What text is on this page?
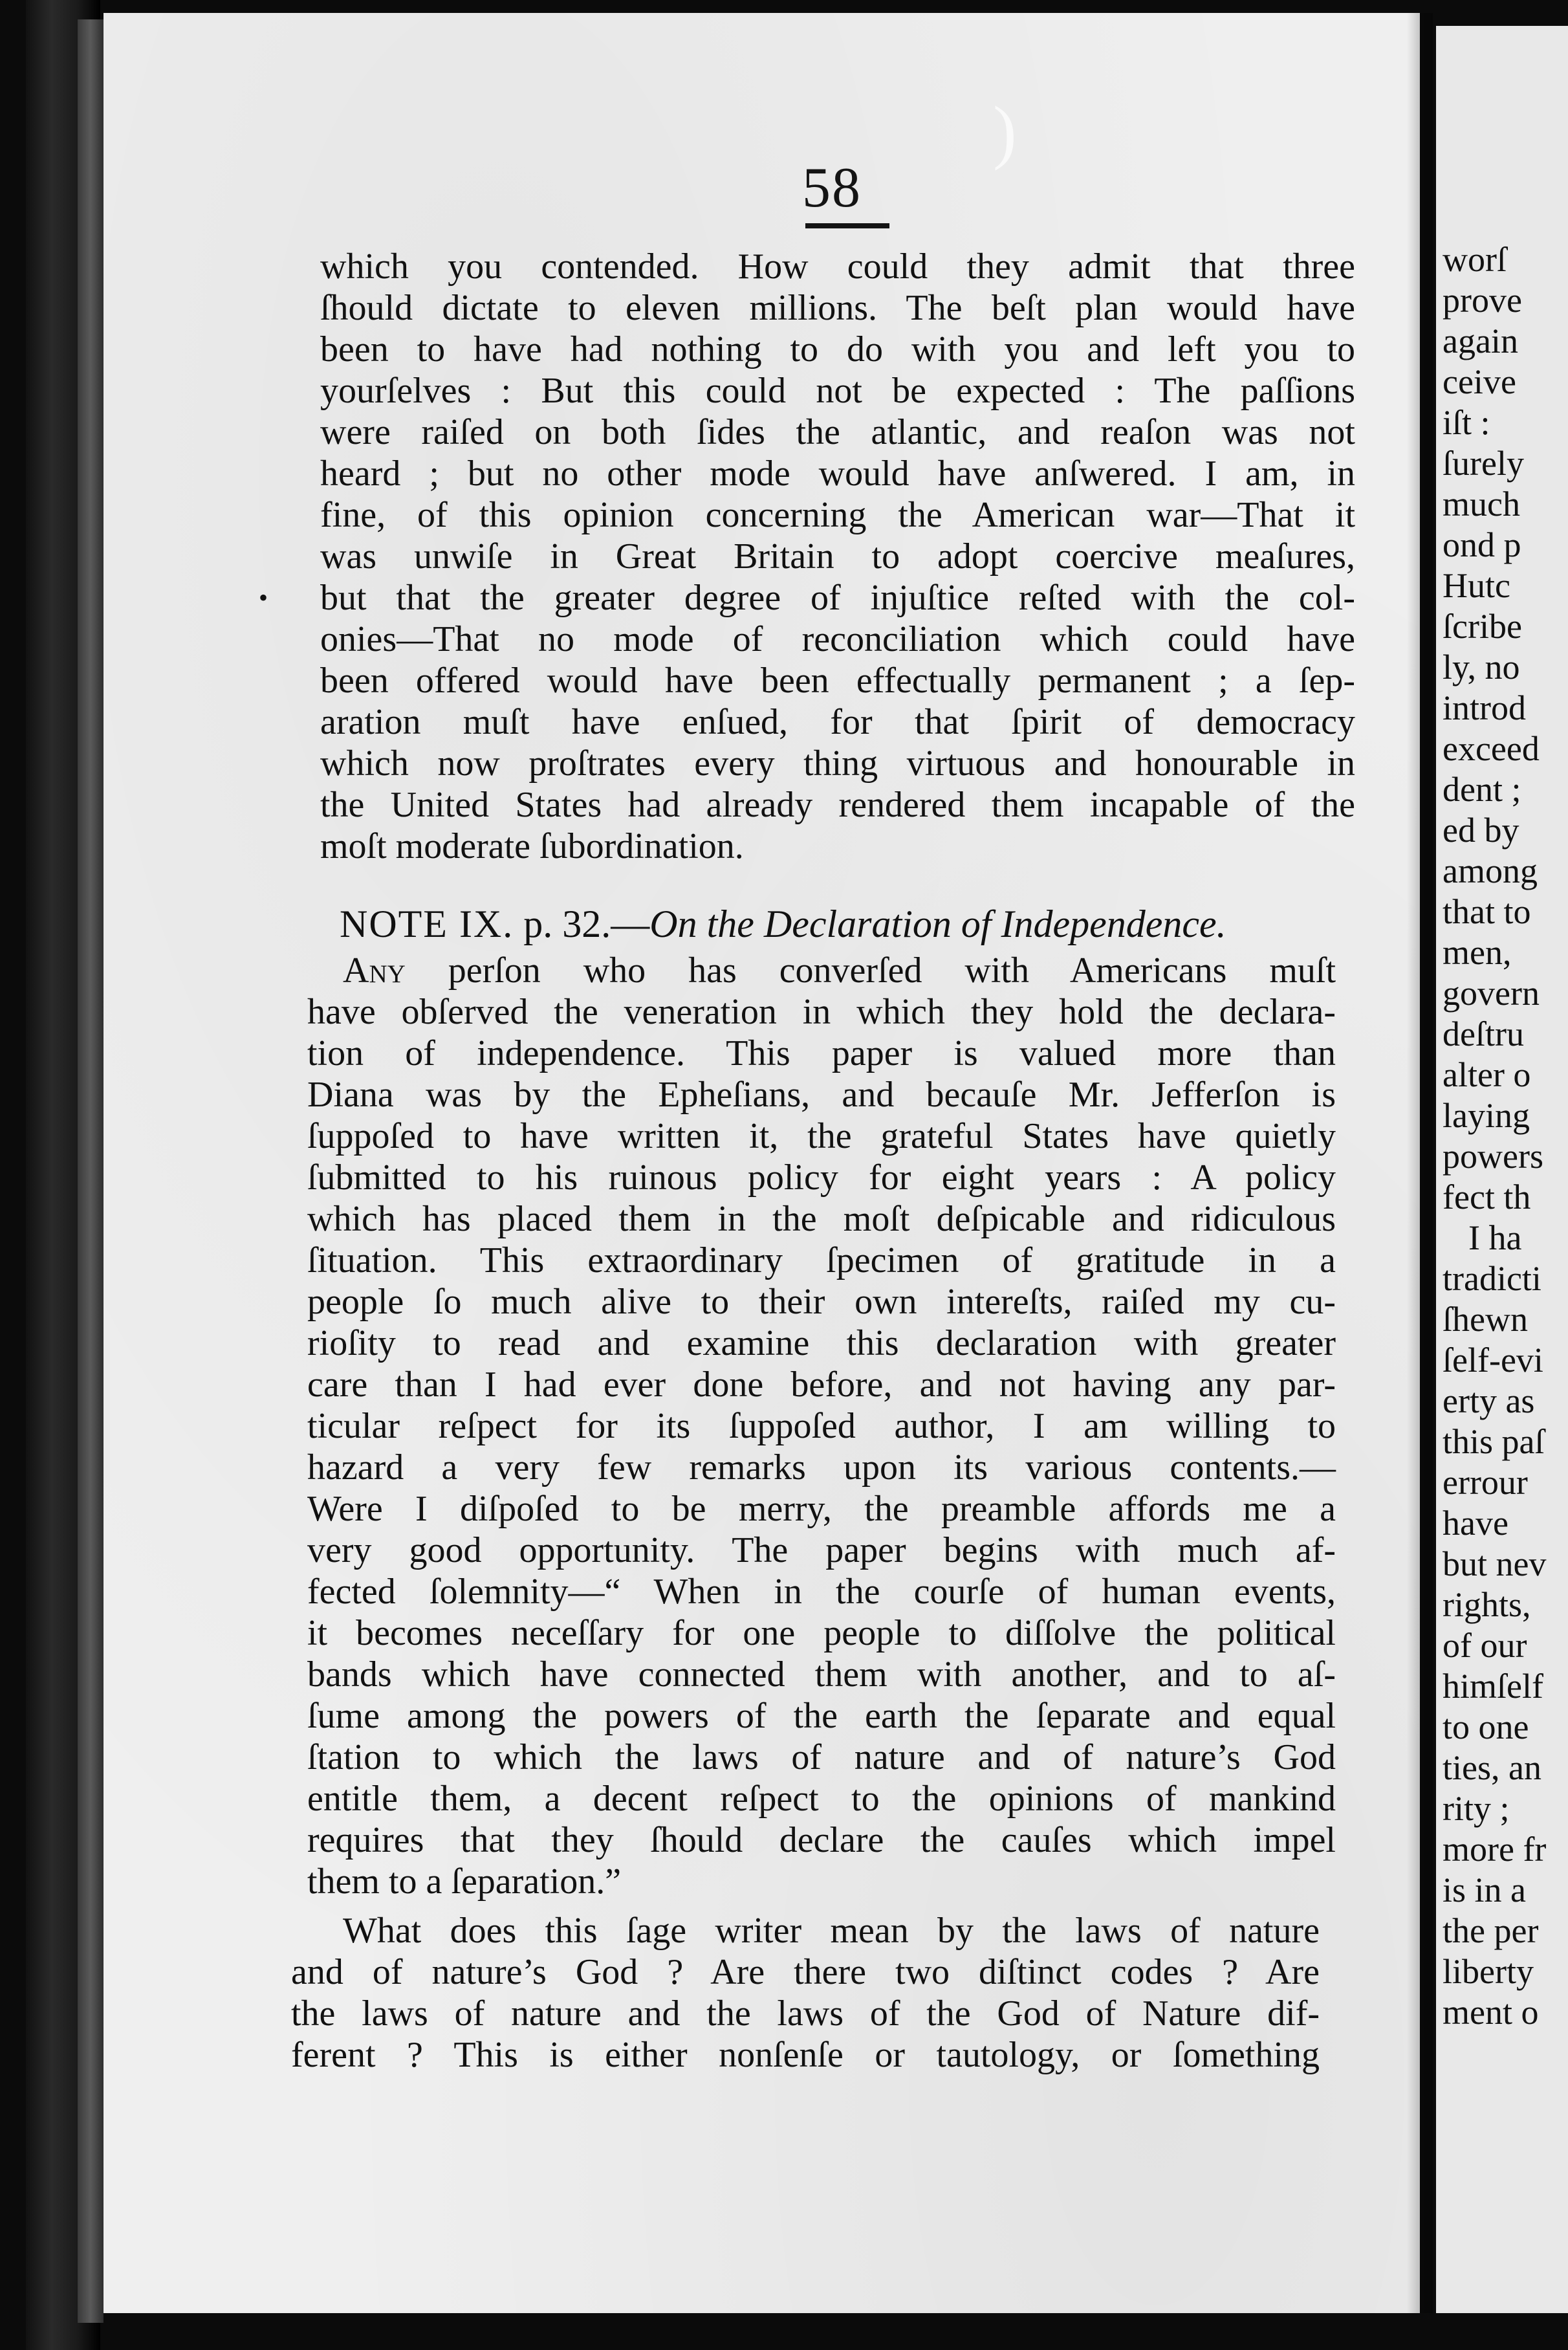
58
which you contended. How could they admit that three
ſhould dictate to eleven millions. The beſt plan would have
been to have had nothing to do with you and left you to
yourſelves : But this could not be expected : The paſſions
were raiſed on both ſides the atlantic, and reaſon was not
heard ; but no other mode would have anſwered. I am, in
fine, of this opinion concerning the American war—That it
was unwiſe in Great Britain to adopt coercive meaſures,
but that the greater degree of injuſtice reſted with the col-
onies—That no mode of reconciliation which could have
been offered would have been effectually permanent ; a ſep-
aration muſt have enſued, for that ſpirit of democracy
which now proſtrates every thing virtuous and honourable in
the United States had already rendered them incapable of the
moſt moderate ſubordination.
NOTE IX. p. 32.—On the Declaration of Independence.
Any perſon who has converſed with Americans muſt
have obſerved the veneration in which they hold the declara-
tion of independence. This paper is valued more than
Diana was by the Epheſians, and becauſe Mr. Jefferſon is
ſuppoſed to have written it, the grateful States have quietly
ſubmitted to his ruinous policy for eight years : A policy
which has placed them in the moſt deſpicable and ridiculous
ſituation. This extraordinary ſpecimen of gratitude in a
people ſo much alive to their own intereſts, raiſed my cu-
rioſity to read and examine this declaration with greater
care than I had ever done before, and not having any par-
ticular reſpect for its ſuppoſed author, I am willing to
hazard a very few remarks upon its various contents.—
Were I diſpoſed to be merry, the preamble affords me a
very good opportunity. The paper begins with much af-
fected ſolemnity—“ When in the courſe of human events,
it becomes neceſſary for one people to diſſolve the political
bands which have connected them with another, and to aſ-
ſume among the powers of the earth the ſeparate and equal
ſtation to which the laws of nature and of nature’s God
entitle them, a decent reſpect to the opinions of mankind
requires that they ſhould declare the cauſes which impel
them to a ſeparation.”
What does this ſage writer mean by the laws of nature
and of nature’s God ? Are there two diſtinct codes ? Are
the laws of nature and the laws of the God of Nature dif-
ferent ? This is either nonſenſe or tautology, or ſomething
worſ
prove
again
ceive
iſt :
ſurely
much
ond p
Hutc
ſcribe
ly, no
introd
exceed
dent ;
ed by
among
that to
men,
govern
deſtru
alter o
laying
powers
fect th
I ha
tradicti
ſhewn
ſelf-evi
erty as
this paſ
errour
have
but nev
rights,
of our
himſelf
to one
ties, an
rity ;
more fr
is in a
the per
liberty
ment o
•
)
